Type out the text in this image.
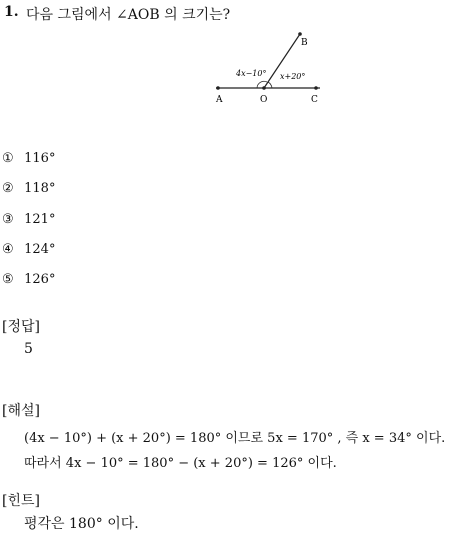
1. 다음 그림에서 ∠AOB 의 크기는?
A	O	C
B
4x−10° x+20°
① 116°
② 118°
③ 121°
④ 124°
⑤ 126°
[정답]
5
[해설]
(4x − 10°) + (x + 20°) = 180° 이므로 5x = 170° , 즉 x = 34° 이다.
따라서 4x − 10° = 180° − (x + 20°) = 126° 이다.
[힌트]
평각은 180° 이다.
